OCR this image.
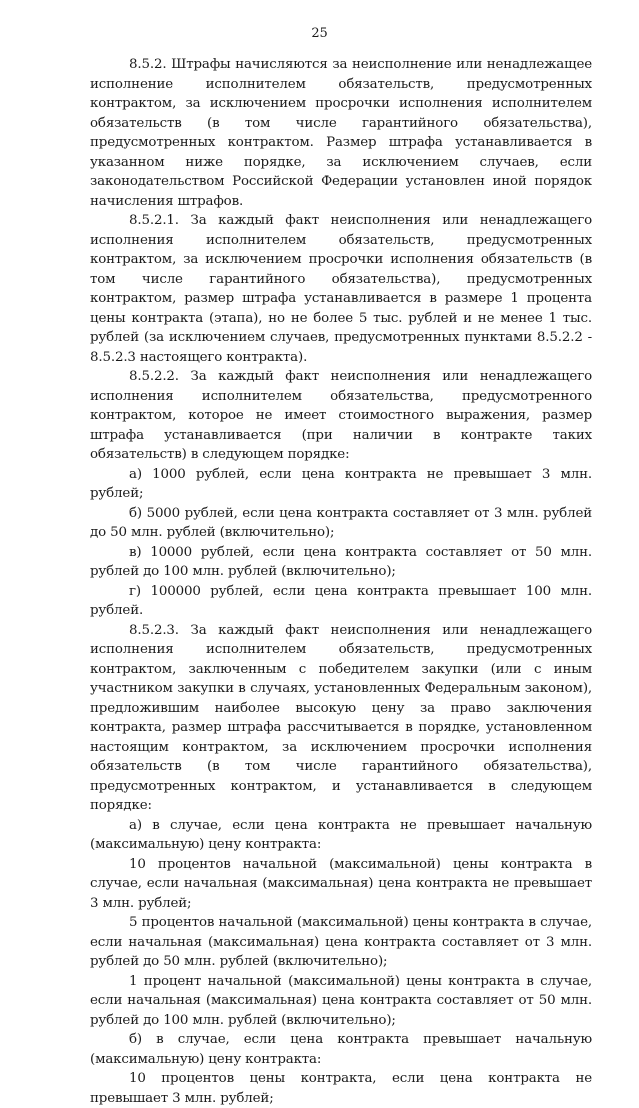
25

8.5.2. Штрафы начисляются за неисполнение или ненадлежащее исполнение исполнителем обязательств, предусмотренных контрактом, за исключением просрочки исполнения исполнителем обязательств (в том числе гарантийного обязательства), предусмотренных контрактом. Размер штрафа устанавливается в указанном ниже порядке, за исключением случаев, если законодательством Российской Федерации установлен иной порядок начисления штрафов.

8.5.2.1. За каждый факт неисполнения или ненадлежащего исполнения исполнителем обязательств, предусмотренных контрактом, за исключением просрочки исполнения обязательств (в том числе гарантийного обязательства), предусмотренных контрактом, размер штрафа устанавливается в размере 1 процента цены контракта (этапа), но не более 5 тыс. рублей и не менее 1 тыс. рублей (за исключением случаев, предусмотренных пунктами 8.5.2.2 - 8.5.2.3 настоящего контракта).

8.5.2.2. За каждый факт неисполнения или ненадлежащего исполнения исполнителем обязательства, предусмотренного контрактом, которое не имеет стоимостного выражения, размер штрафа устанавливается (при наличии в контракте таких обязательств) в следующем порядке:

а) 1000 рублей, если цена контракта не превышает 3 млн. рублей;

б) 5000 рублей, если цена контракта составляет от 3 млн. рублей до 50 млн. рублей (включительно);

в) 10000 рублей, если цена контракта составляет от 50 млн. рублей до 100 млн. рублей (включительно);

г) 100000 рублей, если цена контракта превышает 100 млн. рублей.

8.5.2.3. За каждый факт неисполнения или ненадлежащего исполнения исполнителем обязательств, предусмотренных контрактом, заключенным с победителем закупки (или с иным участником закупки в случаях, установленных Федеральным законом), предложившим наиболее высокую цену за право заключения контракта, размер штрафа рассчитывается в порядке, установленном настоящим контрактом, за исключением просрочки исполнения обязательств (в том числе гарантийного обязательства), предусмотренных контрактом, и устанавливается в следующем порядке:

а) в случае, если цена контракта не превышает начальную (максимальную) цену контракта:

10 процентов начальной (максимальной) цены контракта в случае, если начальная (максимальная) цена контракта не превышает 3 млн. рублей;

5 процентов начальной (максимальной) цены контракта в случае, если начальная (максимальная) цена контракта составляет от 3 млн. рублей до 50 млн. рублей (включительно);

1 процент начальной (максимальной) цены контракта в случае, если начальная (максимальная) цена контракта составляет от 50 млн. рублей до 100 млн. рублей (включительно);

б) в случае, если цена контракта превышает начальную (максимальную) цену контракта:

10 процентов цены контракта, если цена контракта не превышает 3 млн. рублей;
